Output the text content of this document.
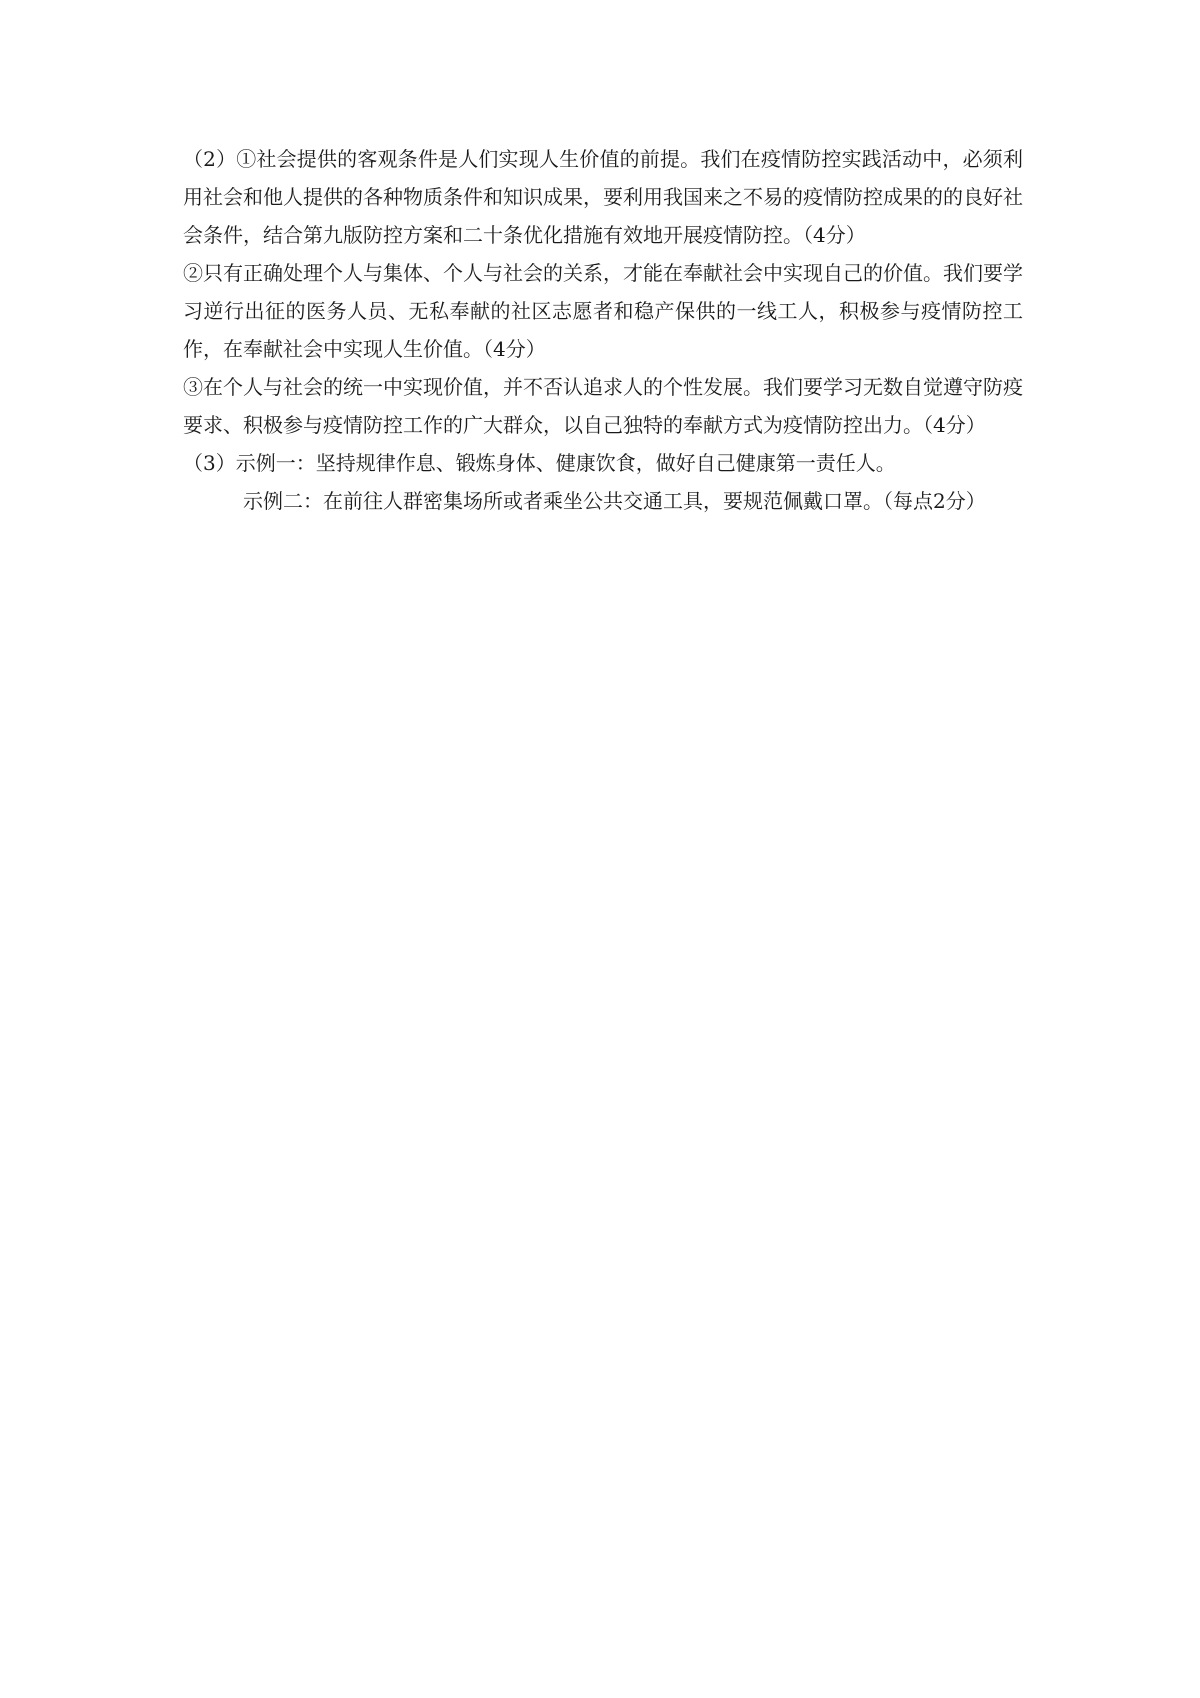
（2）①社会提供的客观条件是人们实现人生价值的前提。我们在疫情防控实践活动中，必须利用社会和他人提供的各种物质条件和知识成果，要利用我国来之不易的疫情防控成果的的良好社会条件，结合第九版防控方案和二十条优化措施有效地开展疫情防控。（4分）

②只有正确处理个人与集体、个人与社会的关系，才能在奉献社会中实现自己的价值。我们要学习逆行出征的医务人员、无私奉献的社区志愿者和稳产保供的一线工人，积极参与疫情防控工作，在奉献社会中实现人生价值。（4分）

③在个人与社会的统一中实现价值，并不否认追求人的个性发展。我们要学习无数自觉遵守防疫要求、积极参与疫情防控工作的广大群众，以自己独特的奉献方式为疫情防控出力。（4分）

（3）示例一：坚持规律作息、锻炼身体、健康饮食，做好自己健康第一责任人。

示例二：在前往人群密集场所或者乘坐公共交通工具，要规范佩戴口罩。（每点2分）
